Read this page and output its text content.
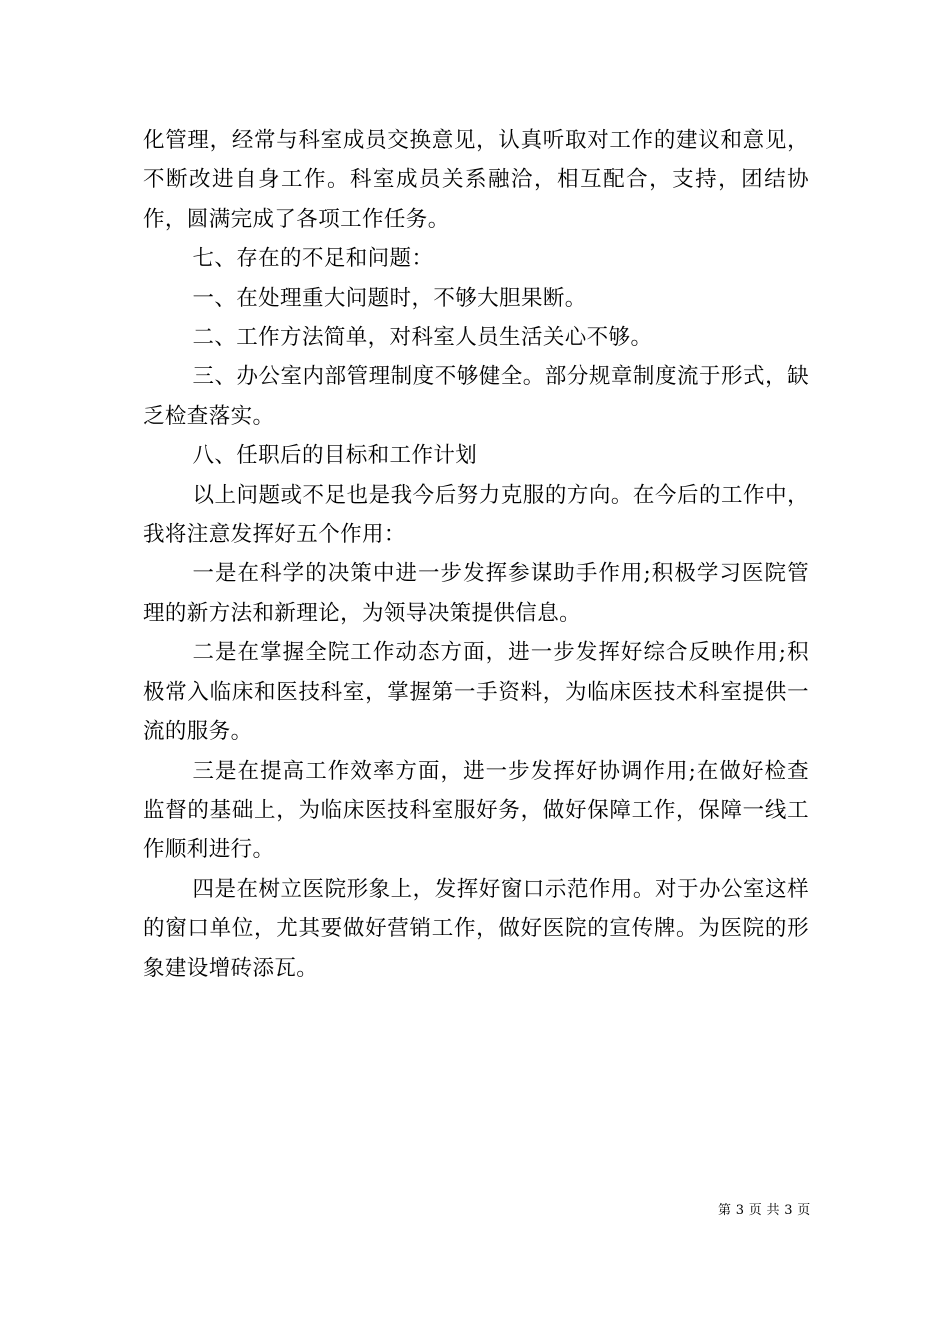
化管理，经常与科室成员交换意见，认真听取对工作的建议和意见，不断改进自身工作。科室成员关系融洽，相互配合，支持，团结协作，圆满完成了各项工作任务。

七、存在的不足和问题：

一、在处理重大问题时，不够大胆果断。

二、工作方法简单，对科室人员生活关心不够。

三、办公室内部管理制度不够健全。部分规章制度流于形式，缺乏检查落实。

八、任职后的目标和工作计划

以上问题或不足也是我今后努力克服的方向。在今后的工作中，我将注意发挥好五个作用：

一是在科学的决策中进一步发挥参谋助手作用;积极学习医院管理的新方法和新理论，为领导决策提供信息。

二是在掌握全院工作动态方面，进一步发挥好综合反映作用;积极常入临床和医技科室，掌握第一手资料，为临床医技术科室提供一流的服务。

三是在提高工作效率方面，进一步发挥好协调作用;在做好检查监督的基础上，为临床医技科室服好务，做好保障工作，保障一线工作顺利进行。

四是在树立医院形象上，发挥好窗口示范作用。对于办公室这样的窗口单位，尤其要做好营销工作，做好医院的宣传牌。为医院的形象建设增砖添瓦。

第 3 页 共 3 页
